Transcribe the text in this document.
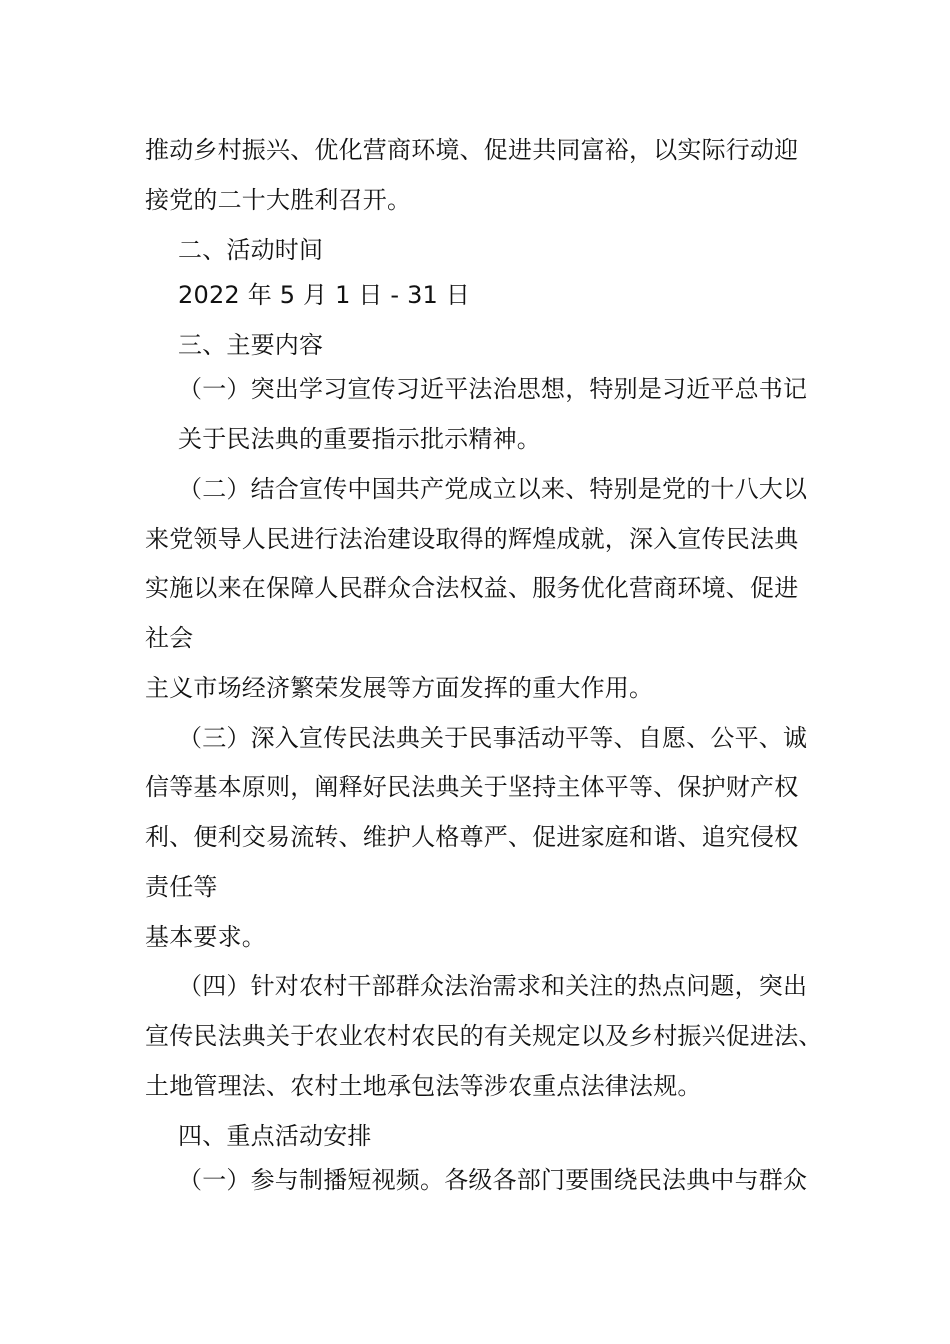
推动乡村振兴、优化营商环境、促进共同富裕，以实际行动迎
接党的二十大胜利召开。
二、活动时间
2022 年 5 月 1 日 - 31 日
三、主要内容
（一）突出学习宣传习近平法治思想，特别是习近平总书记
关于民法典的重要指示批示精神。
（二）结合宣传中国共产党成立以来、特别是党的十八大以
来党领导人民进行法治建设取得的辉煌成就，深入宣传民法典
实施以来在保障人民群众合法权益、服务优化营商环境、促进
社会
主义市场经济繁荣发展等方面发挥的重大作用。
（三）深入宣传民法典关于民事活动平等、自愿、公平、诚
信等基本原则，阐释好民法典关于坚持主体平等、保护财产权
利、便利交易流转、维护人格尊严、促进家庭和谐、追究侵权
责任等
基本要求。
（四）针对农村干部群众法治需求和关注的热点问题，突出
宣传民法典关于农业农村农民的有关规定以及乡村振兴促进法、
土地管理法、农村土地承包法等涉农重点法律法规。
四、重点活动安排
（一）参与制播短视频。各级各部门要围绕民法典中与群众
